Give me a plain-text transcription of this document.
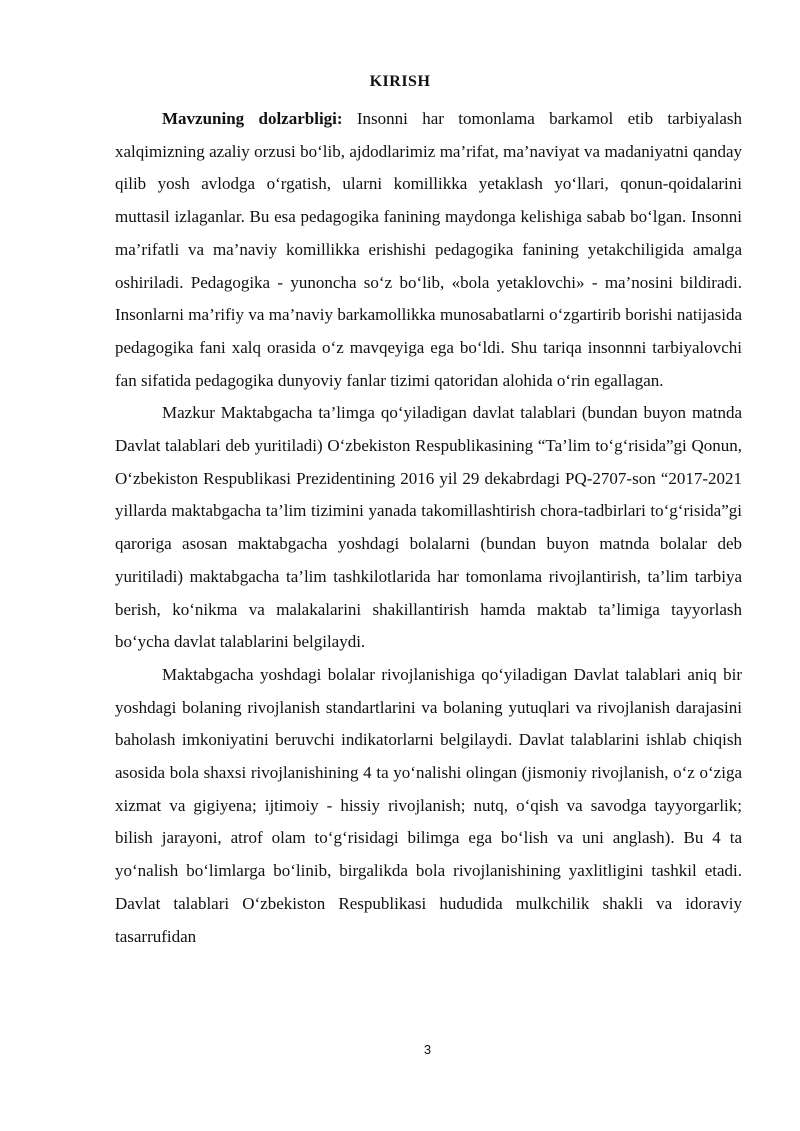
KIRISH

Mavzuning dolzarbligi: Insonni har tomonlama barkamol etib tarbiyalash xalqimizning azaliy orzusi bo‘lib, ajdodlarimiz ma’rifat, ma’naviyat va madaniyatni qanday qilib yosh avlodga o‘rgatish, ularni komillikka yetaklash yo‘llari, qonun-qoidalarini muttasil izlaganlar. Bu esa pedagogika fanining maydonga kelishiga sabab bo‘lgan. Insonni ma’rifatli va ma’naviy komillikka erishishi pedagogika fanining yetakchiligida amalga oshiriladi. Pedagogika - yunoncha so‘z bo‘lib, «bola yetaklovchi» - ma’nosini bildiradi. Insonlarni ma’rifiy va ma’naviy barkamollikka munosabatlarni o‘zgartirib borishi natijasida pedagogika fani xalq orasida o‘z mavqeyiga ega bo‘ldi. Shu tariqa insonnni tarbiyalovchi fan sifatida pedagogika dunyoviy fanlar tizimi qatoridan alohida o‘rin egallagan.

Mazkur Maktabgacha ta’limga qo‘yiladigan davlat talablari (bundan buyon matnda Davlat talablari deb yuritiladi) O‘zbekiston Respublikasining “Ta’lim to‘g‘risida”gi Qonun, O‘zbekiston Respublikasi Prezidentining 2016 yil 29 dekabrdagi PQ-2707-son “2017-2021 yillarda maktabgacha ta’lim tizimini yanada takomillashtirish chora-tadbirlari to‘g‘risida”gi qaroriga asosan maktabgacha yoshdagi bolalarni (bundan buyon matnda bolalar deb yuritiladi) maktabgacha ta’lim tashkilotlarida har tomonlama rivojlantirish, ta’lim tarbiya berish, ko‘nikma va malakalarini shakillantirish hamda maktab ta’limiga tayyorlash bo‘ycha davlat talablarini belgilaydi.

Maktabgacha yoshdagi bolalar rivojlanishiga qo‘yiladigan Davlat talablari aniq bir yoshdagi bolaning rivojlanish standartlarini va bolaning yutuqlari va rivojlanish darajasini baholash imkoniyatini beruvchi indikatorlarni belgilaydi. Davlat talablarini ishlab chiqish asosida bola shaxsi rivojlanishining 4 ta yo‘nalishi olingan (jismoniy rivojlanish, o‘z o‘ziga xizmat va gigiyena; ijtimoiy - hissiy rivojlanish; nutq, o‘qish va savodga tayyorgarlik; bilish jarayoni, atrof olam to‘g‘risidagi bilimga ega bo‘lish va uni anglash). Bu 4 ta yo‘nalish bo‘limlarga bo‘linib, birgalikda bola rivojlanishining yaxlitligini tashkil etadi. Davlat talablari O‘zbekiston Respublikasi hududida mulkchilik shakli va idoraviy tasarrufidan

3
